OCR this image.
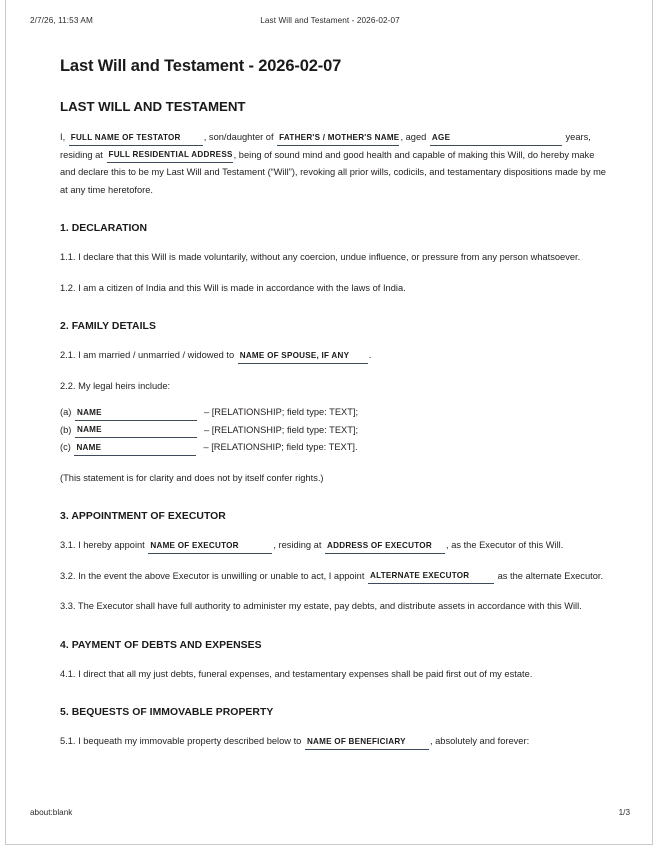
2/7/26, 11:53 AM	Last Will and Testament - 2026-02-07
Last Will and Testament - 2026-02-07
LAST WILL AND TESTAMENT

I, FULL NAME OF TESTATOR , son/daughter of FATHER'S / MOTHER'S NAME, aged AGE	years, residing at FULL RESIDENTIAL ADDRESS, being of sound mind and good health and capable of making this Will, do hereby make and declare this to be my Last Will and Testament (“Will”), revoking all prior wills, codicils, and testamentary dispositions made by me at any time heretofore.

1. DECLARATION

1.1. I declare that this Will is made voluntarily, without any coercion, undue influence, or pressure from any person whatsoever.

1.2. I am a citizen of India and this Will is made in accordance with the laws of India.

2. FAMILY DETAILS

2.1. I am married / unmarried / widowed to NAME OF SPOUSE, IF ANY .

2.2. My legal heirs include:

(a) NAME	– [RELATIONSHIP; field type: TEXT];
(b) NAME	– [RELATIONSHIP; field type: TEXT];
(c) NAME	– [RELATIONSHIP; field type: TEXT].

(This statement is for clarity and does not by itself confer rights.)

3. APPOINTMENT OF EXECUTOR

3.1. I hereby appoint NAME OF EXECUTOR	, residing at ADDRESS OF EXECUTOR , as the Executor of this Will.

3.2. In the event the above Executor is unwilling or unable to act, I appoint ALTERNATE EXECUTOR	as the alternate Executor.

3.3. The Executor shall have full authority to administer my estate, pay debts, and distribute assets in accordance with this Will.

4. PAYMENT OF DEBTS AND EXPENSES

4.1. I direct that all my just debts, funeral expenses, and testamentary expenses shall be paid first out of my estate.

5. BEQUESTS OF IMMOVABLE PROPERTY

5.1. I bequeath my immovable property described below to NAME OF BENEFICIARY	, absolutely and forever:

about:blank	1/3
